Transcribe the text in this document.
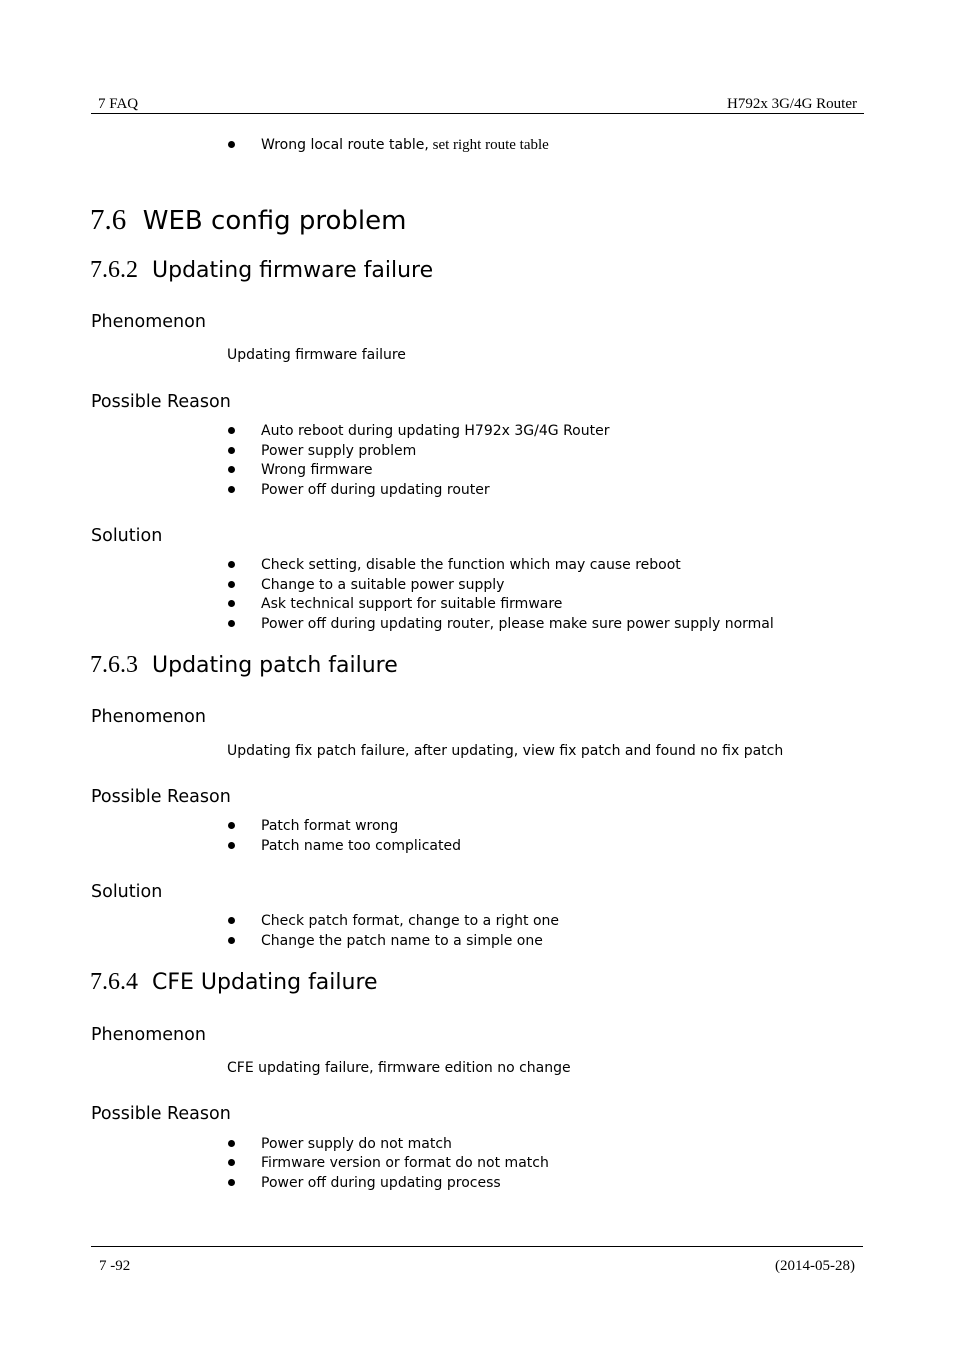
7 FAQ	H792x 3G/4G Router
Wrong local route table, set right route table
7.6 WEB config problem
7.6.2 Updating firmware failure
Phenomenon
Updating firmware failure
Possible Reason
Auto reboot during updating H792x 3G/4G Router
Power supply problem
Wrong firmware
Power off during updating router
Solution
Check setting, disable the function which may cause reboot
Change to a suitable power supply
Ask technical support for suitable firmware
Power off during updating router, please make sure power supply normal
7.6.3 Updating patch failure
Phenomenon
Updating fix patch failure, after updating, view fix patch and found no fix patch
Possible Reason
Patch format wrong
Patch name too complicated
Solution
Check patch format, change to a right one
Change the patch name to a simple one
7.6.4 CFE Updating failure
Phenomenon
CFE updating failure, firmware edition no change
Possible Reason
Power supply do not match
Firmware version or format do not match
Power off during updating process
7 -92	(2014-05-28)
